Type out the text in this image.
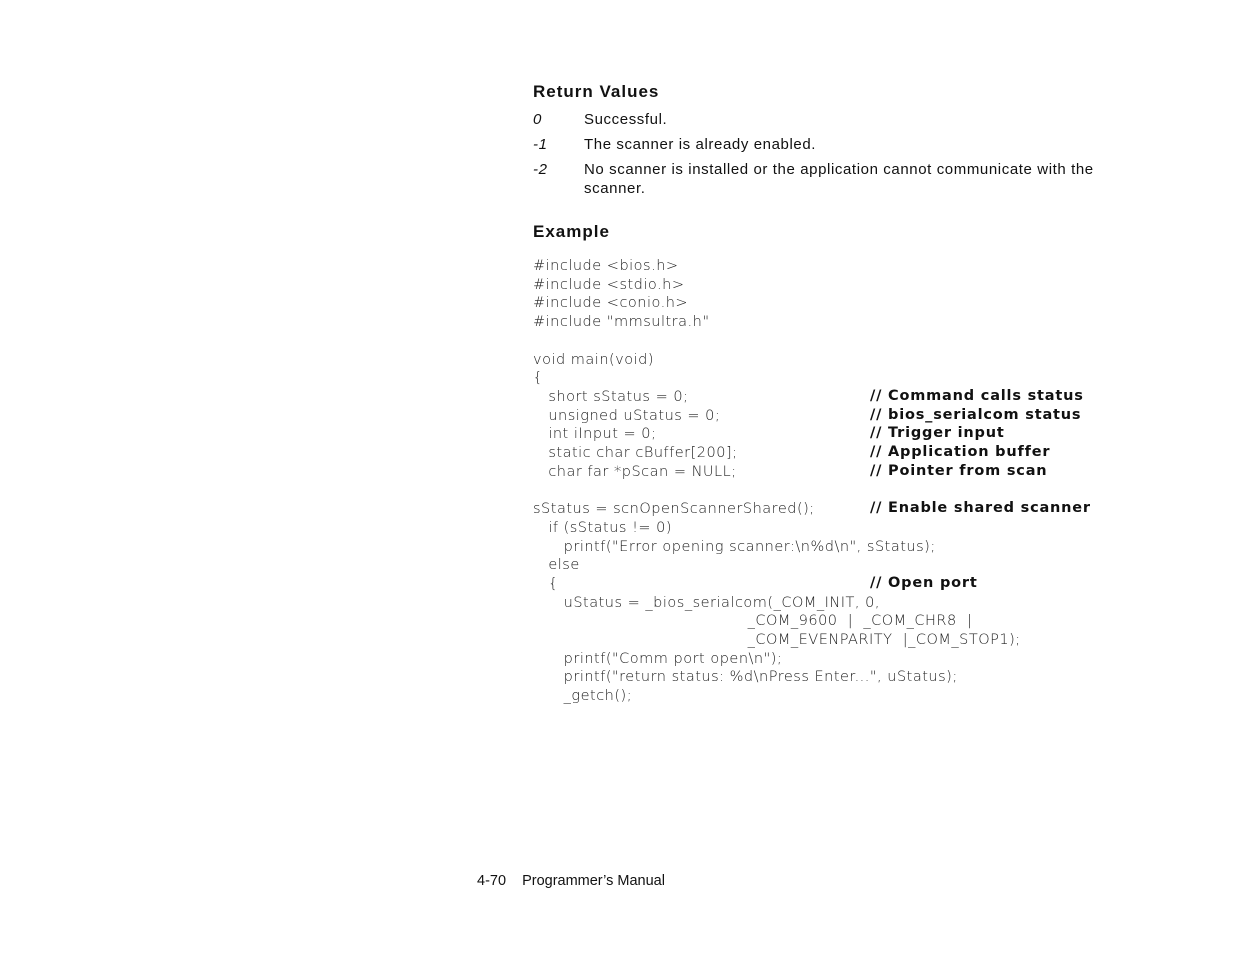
Return Values
0	Successful.
-1 The scanner is already enabled.
-2 No scanner is installed or the application cannot communicate with the scanner.
Example
#include <bios.h>
#include <stdio.h>
#include <conio.h>
#include "mmsultra.h"

void main(void)
{
short sStatus = 0;
unsigned uStatus = 0;
int iInput = 0;
static char cBuffer[200];
char far *pScan = NULL;

sStatus = scnOpenScannerShared();
if (sStatus != 0)
printf("Error opening scanner:\n%d\n", sStatus);
else
{
uStatus = _bios_serialcom(_COM_INIT, 0,
_COM_9600  |  _COM_CHR8  |
_COM_EVENPARITY  |_COM_STOP1);
printf("Comm port open\n");
printf("return status: %d\nPress Enter...", uStatus);
_getch();
// Command calls status
// bios_serialcom status
// Trigger input
// Application buffer
// Pointer from scan
// Enable shared scanner
// Open port
4-70 Programmer’s Manual
